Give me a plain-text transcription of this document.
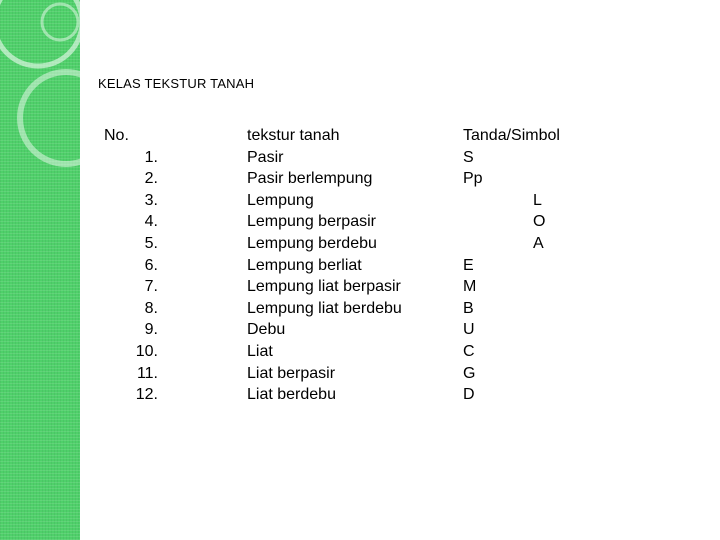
KELAS TEKSTUR TANAH
No.
1.
2.
3.
4.
5.
6.
7.
8.
9.
10.
11.
12.
tekstur tanah
Pasir
Pasir berlempung
Lempung
Lempung berpasir
Lempung berdebu
Lempung berliat
Lempung liat berpasir
Lempung liat berdebu
Debu
Liat
Liat berpasir
Liat berdebu
Tanda/Simbol
S
Pp
L
O
A
E
M
B
U
C
G
D
